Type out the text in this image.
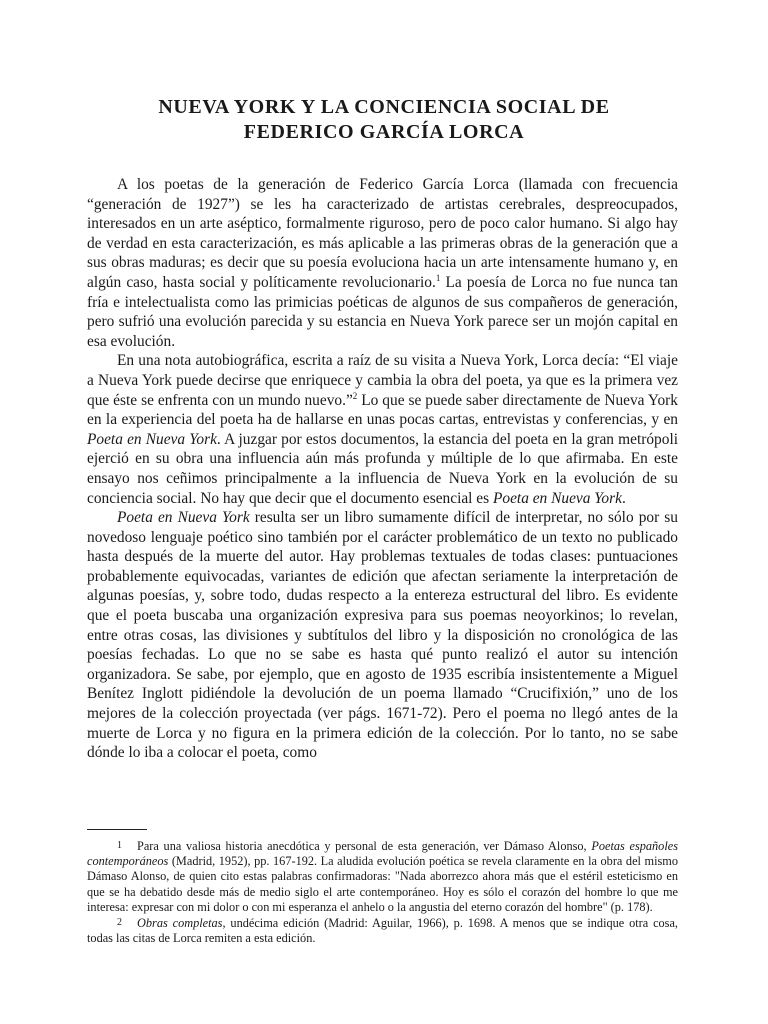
NUEVA YORK Y LA CONCIENCIA SOCIAL DE
FEDERICO GARCÍA LORCA

A los poetas de la generación de Federico García Lorca (llamada con frecuencia “generación de 1927”) se les ha caracterizado de artistas cerebrales, despreocupados, interesados en un arte aséptico, formalmente riguroso, pero de poco calor humano. Si algo hay de verdad en esta caracterización, es más aplicable a las primeras obras de la generación que a sus obras maduras; es decir que su poesía evoluciona hacia un arte intensamente humano y, en algún caso, hasta social y políticamente revolucionario.$^1$ La poesía de Lorca no fue nunca tan fría e intelectualista como las primicias poéticas de algunos de sus compañeros de generación, pero sufrió una evolución parecida y su estancia en Nueva York parece ser un mojón capital en esa evolución.

En una nota autobiográfica, escrita a raíz de su visita a Nueva York, Lorca decía: “El viaje a Nueva York puede decirse que enriquece y cambia la obra del poeta, ya que es la primera vez que éste se enfrenta con un mundo nuevo.”$^2$ Lo que se puede saber directamente de Nueva York en la experiencia del poeta ha de hallarse en unas pocas cartas, entrevistas y conferencias, y en Poeta en Nueva York. A juzgar por estos documentos, la estancia del poeta en la gran metrópoli ejerció en su obra una influencia aún más profunda y múltiple de lo que afirmaba. En este ensayo nos ceñimos principalmente a la influencia de Nueva York en la evolución de su conciencia social. No hay que decir que el documento esencial es Poeta en Nueva York.

Poeta en Nueva York resulta ser un libro sumamente difícil de interpretar, no sólo por su novedoso lenguaje poético sino también por el carácter problemático de un texto no publicado hasta después de la muerte del autor. Hay problemas textuales de todas clases: puntuaciones probablemente equivocadas, variantes de edición que afectan seriamente la interpretación de algunas poesías, y, sobre todo, dudas respecto a la entereza estructural del libro. Es evidente que el poeta buscaba una organización expresiva para sus poemas neoyorkinos; lo revelan, entre otras cosas, las divisiones y subtítulos del libro y la disposición no cronológica de las poesías fechadas. Lo que no se sabe es hasta qué punto realizó el autor su intención organizadora. Se sabe, por ejemplo, que en agosto de 1935 escribía insistentemente a Miguel Benítez Inglott pidiéndole la devolución de un poema llamado “Crucifixión,” uno de los mejores de la colección proyectada (ver págs. 1671-72). Pero el poema no llegó antes de la muerte de Lorca y no figura en la primera edición de la colección. Por lo tanto, no se sabe dónde lo iba a colocar el poeta, como

1 Para una valiosa historia anecdótica y personal de esta generación, ver Dámaso Alonso, Poetas españoles contemporáneos (Madrid, 1952), pp. 167-192. La aludida evolución poética se revela claramente en la obra del mismo Dámaso Alonso, de quien cito estas palabras confirmadoras: "Nada aborrezco ahora más que el estéril esteticismo en que se ha debatido desde más de medio siglo el arte contemporáneo. Hoy es sólo el corazón del hombre lo que me interesa: expresar con mi dolor o con mi esperanza el anhelo o la angustia del eterno corazón del hombre" (p. 178).

2 Obras completas, undécima edición (Madrid: Aguilar, 1966), p. 1698. A menos que se indique otra cosa, todas las citas de Lorca remiten a esta edición.
